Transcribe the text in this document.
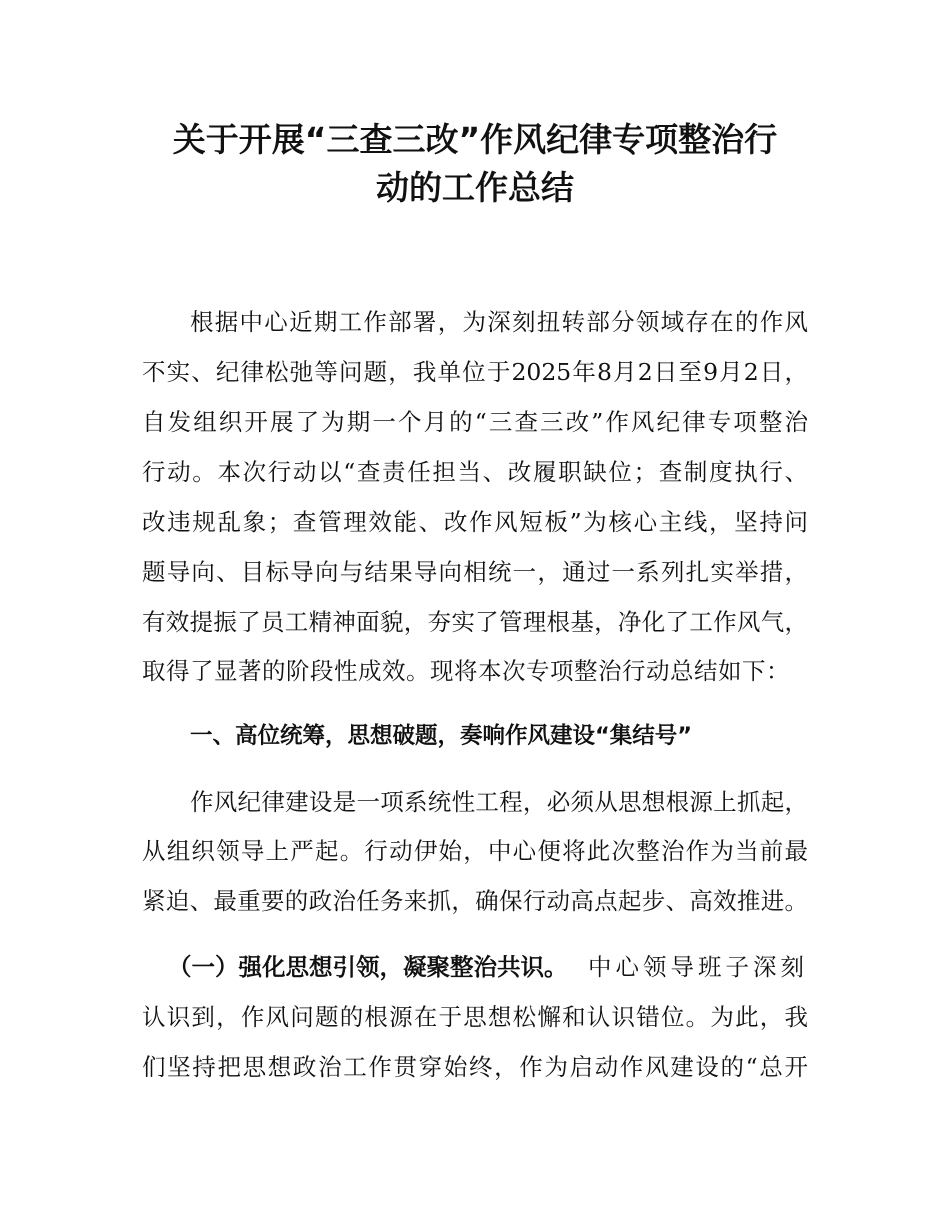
关于开展“三查三改”作风纪律专项整治行
动的工作总结
根据中心近期工作部署，为深刻扭转部分领域存在的作风
不实、纪律松弛等问题，我单位于2025年8月2日至9月2日，
自发组织开展了为期一个月的“三查三改”作风纪律专项整治
行动。本次行动以“查责任担当、改履职缺位；查制度执行、
改违规乱象；查管理效能、改作风短板”为核心主线，坚持问
题导向、目标导向与结果导向相统一，通过一系列扎实举措，
有效提振了员工精神面貌，夯实了管理根基，净化了工作风气，
取得了显著的阶段性成效。现将本次专项整治行动总结如下：
一、高位统筹，思想破题，奏响作风建设“集结号”
作风纪律建设是一项系统性工程，必须从思想根源上抓起，
从组织领导上严起。行动伊始，中心便将此次整治作为当前最
紧迫、最重要的政治任务来抓，确保行动高点起步、高效推进。
（一）强化思想引领，凝聚整治共识。 中心领导班子深刻
认识到，作风问题的根源在于思想松懈和认识错位。为此，我
们坚持把思想政治工作贯穿始终，作为启动作风建设的“总开
